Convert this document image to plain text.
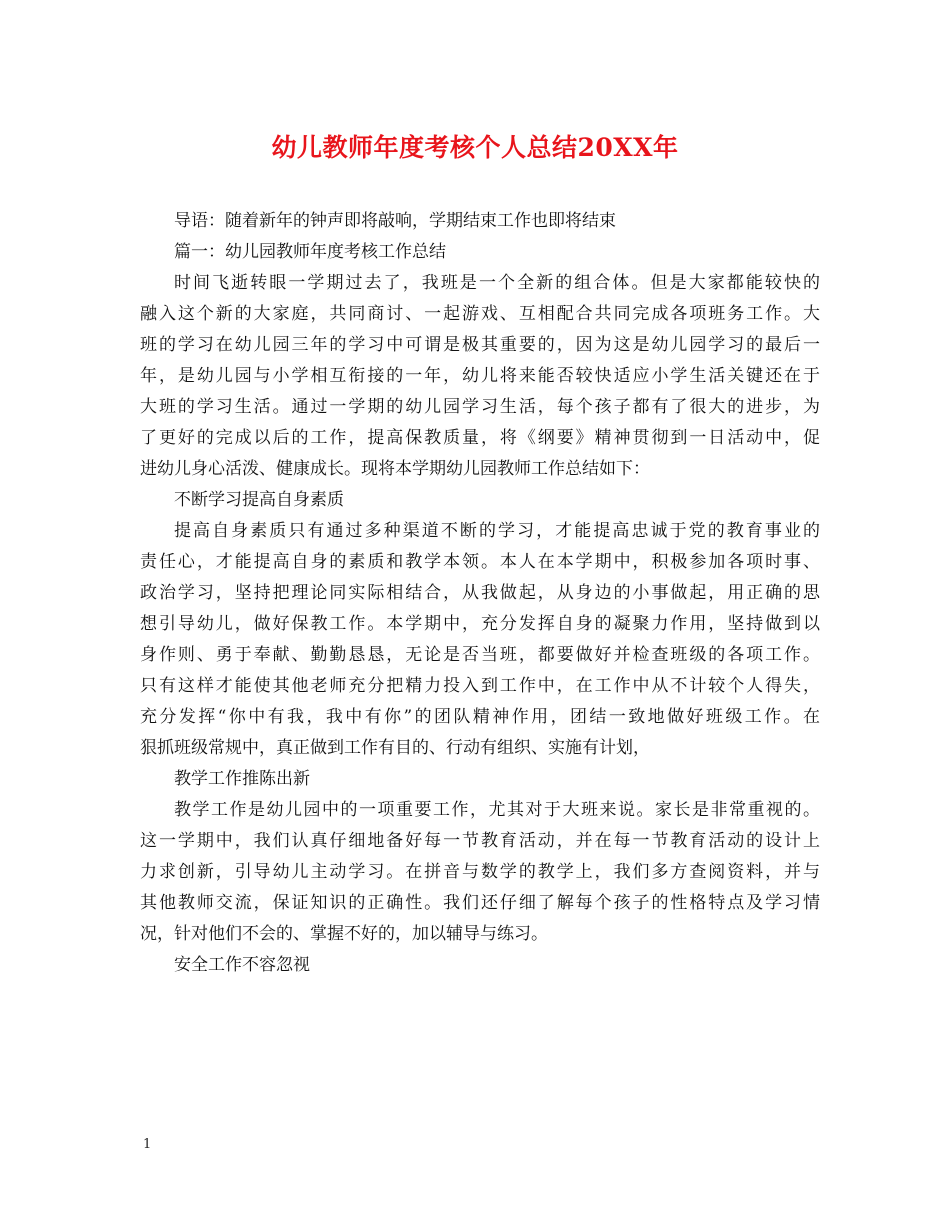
幼儿教师年度考核个人总结20XX年

导语：随着新年的钟声即将敲响，学期结束工作也即将结束

篇一：幼儿园教师年度考核工作总结

时间飞逝转眼一学期过去了，我班是一个全新的组合体。但是大家都能较快的

融入这个新的大家庭，共同商讨、一起游戏、互相配合共同完成各项班务工作。大

班的学习在幼儿园三年的学习中可谓是极其重要的，因为这是幼儿园学习的最后一

年，是幼儿园与小学相互衔接的一年，幼儿将来能否较快适应小学生活关键还在于

大班的学习生活。通过一学期的幼儿园学习生活，每个孩子都有了很大的进步，为

了更好的完成以后的工作，提高保教质量，将《纲要》精神贯彻到一日活动中，促

进幼儿身心活泼、健康成长。现将本学期幼儿园教师工作总结如下：

不断学习提高自身素质

提高自身素质只有通过多种渠道不断的学习，才能提高忠诚于党的教育事业的

责任心，才能提高自身的素质和教学本领。本人在本学期中，积极参加各项时事、

政治学习，坚持把理论同实际相结合，从我做起，从身边的小事做起，用正确的思

想引导幼儿，做好保教工作。本学期中，充分发挥自身的凝聚力作用，坚持做到以

身作则、勇于奉献、勤勤恳恳，无论是否当班，都要做好并检查班级的各项工作。

只有这样才能使其他老师充分把精力投入到工作中，在工作中从不计较个人得失，

充分发挥“你中有我，我中有你”的团队精神作用，团结一致地做好班级工作。在

狠抓班级常规中，真正做到工作有目的、行动有组织、实施有计划，

教学工作推陈出新

教学工作是幼儿园中的一项重要工作，尤其对于大班来说。家长是非常重视的。

这一学期中，我们认真仔细地备好每一节教育活动，并在每一节教育活动的设计上

力求创新，引导幼儿主动学习。在拼音与数学的教学上，我们多方查阅资料，并与

其他教师交流，保证知识的正确性。我们还仔细了解每个孩子的性格特点及学习情

况，针对他们不会的、掌握不好的，加以辅导与练习。

安全工作不容忽视

1
